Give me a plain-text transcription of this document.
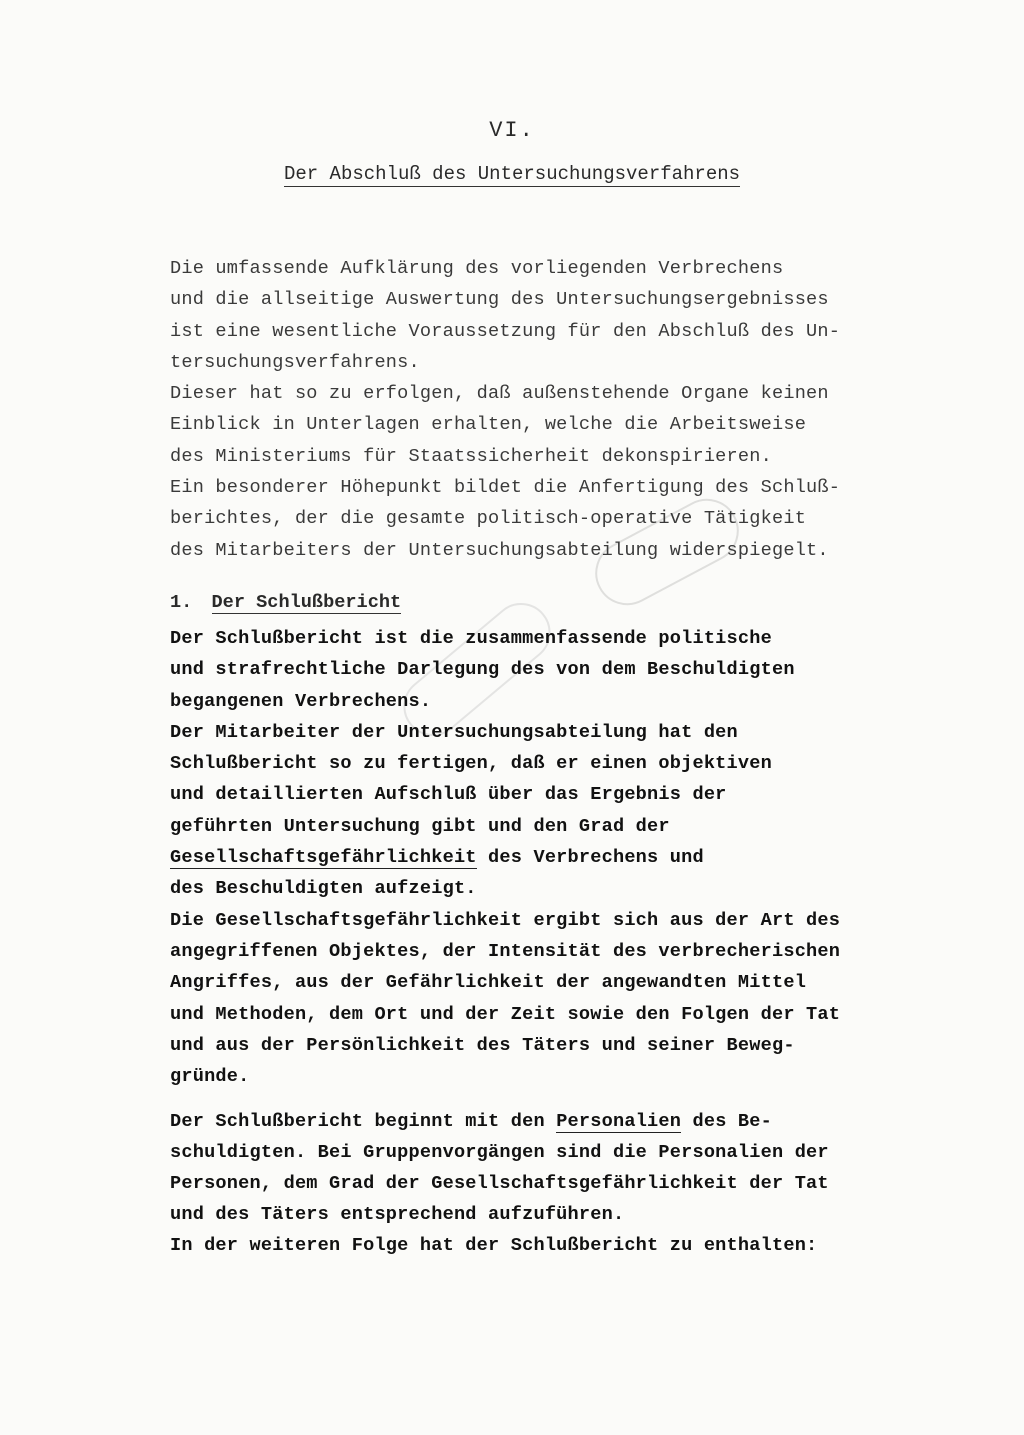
VI.
Der Abschluß des Untersuchungsverfahrens

Die umfassende Aufklärung des vorliegenden Verbrechens

und die allseitige Auswertung des Untersuchungsergebnisses

ist eine wesentliche Voraussetzung für den Abschluß des Un-

tersuchungsverfahrens.

Dieser hat so zu erfolgen, daß außenstehende Organe keinen

Einblick in Unterlagen erhalten, welche die Arbeitsweise

des Ministeriums für Staatssicherheit dekonspirieren.

Ein besonderer Höhepunkt bildet die Anfertigung des Schluß-

berichtes, der die gesamte politisch-operative Tätigkeit

des Mitarbeiters der Untersuchungsabteilung widerspiegelt.

1. Der Schlußbericht

Der Schlußbericht ist die zusammenfassende politische

und strafrechtliche Darlegung des von dem Beschuldigten

begangenen Verbrechens.

Der Mitarbeiter der Untersuchungsabteilung hat den

Schlußbericht so zu fertigen, daß er einen objektiven

und detaillierten Aufschluß über das Ergebnis der

geführten Untersuchung gibt und den Grad der

Gesellschaftsgefährlichkeit des Verbrechens und

des Beschuldigten aufzeigt.

Die Gesellschaftsgefährlichkeit ergibt sich aus der Art des

angegriffenen Objektes, der Intensität des verbrecherischen

Angriffes, aus der Gefährlichkeit der angewandten Mittel

und Methoden, dem Ort und der Zeit sowie den Folgen der Tat

und aus der Persönlichkeit des Täters und seiner Beweg-

gründe.

Der Schlußbericht beginnt mit den Personalien des Be-

schuldigten. Bei Gruppenvorgängen sind die Personalien der

Personen, dem Grad der Gesellschaftsgefährlichkeit der Tat

und des Täters entsprechend aufzuführen.

In der weiteren Folge hat der Schlußbericht zu enthalten:
